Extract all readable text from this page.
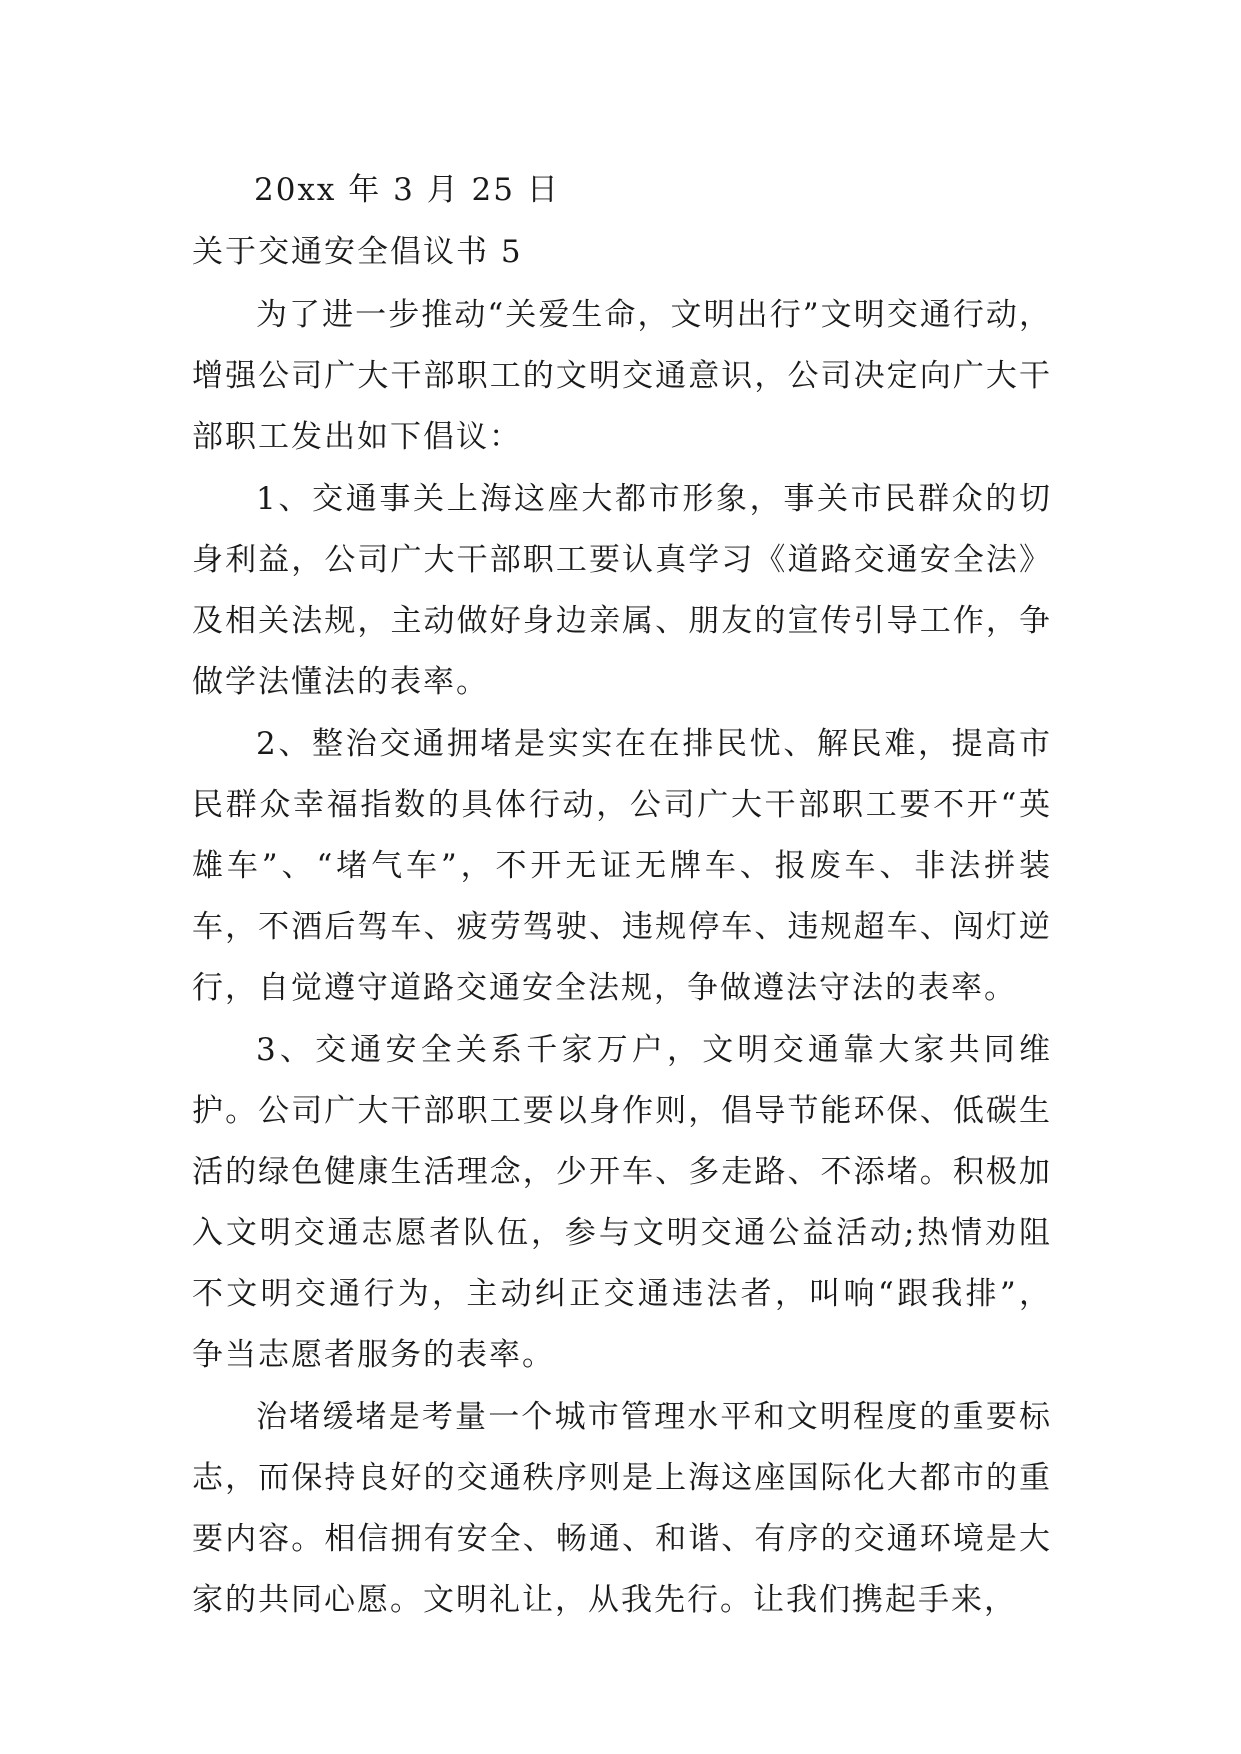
20xx 年 3 月 25 日

关于交通安全倡议书 5

为了进一步推动“关爱生命，文明出行”文明交通行动，增强公司广大干部职工的文明交通意识，公司决定向广大干部职工发出如下倡议：

1、交通事关上海这座大都市形象，事关市民群众的切身利益，公司广大干部职工要认真学习《道路交通安全法》及相关法规，主动做好身边亲属、朋友的宣传引导工作，争做学法懂法的表率。

2、整治交通拥堵是实实在在排民忧、解民难，提高市民群众幸福指数的具体行动，公司广大干部职工要不开“英雄车”、“堵气车”，不开无证无牌车、报废车、非法拼装车，不酒后驾车、疲劳驾驶、违规停车、违规超车、闯灯逆行，自觉遵守道路交通安全法规，争做遵法守法的表率。

3、交通安全关系千家万户，文明交通靠大家共同维护。公司广大干部职工要以身作则，倡导节能环保、低碳生活的绿色健康生活理念，少开车、多走路、不添堵。积极加入文明交通志愿者队伍，参与文明交通公益活动;热情劝阻不文明交通行为，主动纠正交通违法者，叫响“跟我排”，争当志愿者服务的表率。

治堵缓堵是考量一个城市管理水平和文明程度的重要标志，而保持良好的交通秩序则是上海这座国际化大都市的重要内容。相信拥有安全、畅通、和谐、有序的交通环境是大家的共同心愿。文明礼让，从我先行。让我们携起手来，
